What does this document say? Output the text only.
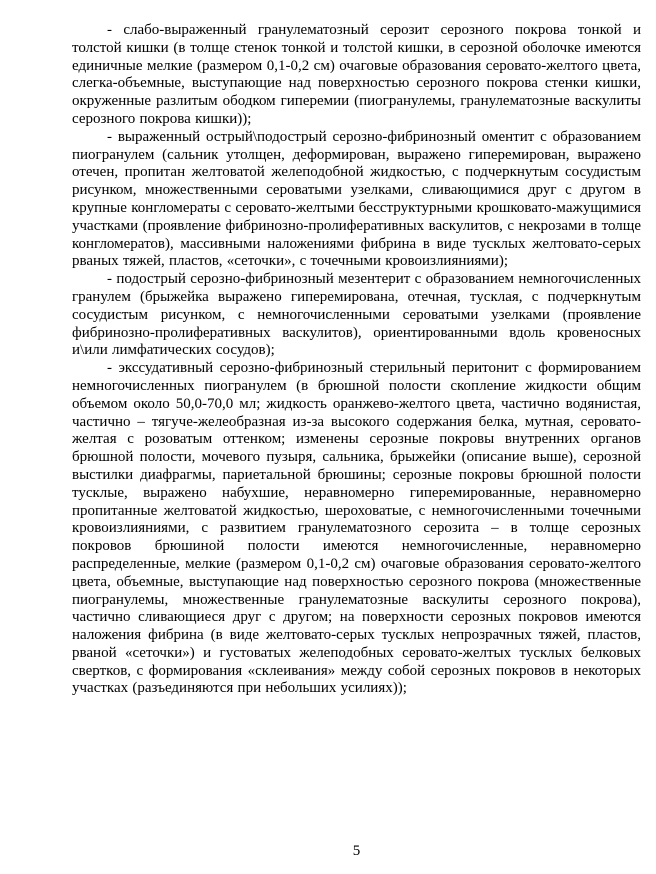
- слабо-выраженный гранулематозный серозит серозного покрова тонкой и толстой кишки (в толще стенок тонкой и толстой кишки, в серозной оболочке имеются единичные мелкие (размером 0,1-0,2 см) очаговые образования серовато-желтого цвета, слегка-объемные, выступающие над поверхностью серозного покрова стенки кишки, окруженные разлитым ободком гиперемии (пиогранулемы, гранулематозные васкулиты серозного покрова кишки));

- выраженный острый\подострый серозно-фибринозный оментит с образованием пиогранулем (сальник утолщен, деформирован, выражено гиперемирован, выражено отечен, пропитан желтоватой желеподобной жидкостью, с подчеркнутым сосудистым рисунком, множественными сероватыми узелками, сливающимися друг с другом в крупные конгломераты с серовато-желтыми бесструктурными крошковато-мажущимися участками (проявление фибринозно-пролиферативных васкулитов, с некрозами в толще конгломератов), массивными наложениями фибрина в виде тусклых желтовато-серых рваных тяжей, пластов, «сеточки», с точечными кровоизлияниями);

- подострый серозно-фибринозный мезентерит с образованием немногочисленных гранулем (брыжейка выражено гиперемирована, отечная, тусклая, с подчеркнутым сосудистым рисунком, с немногочисленными сероватыми узелками (проявление фибринозно-пролиферативных васкулитов), ориентированными вдоль кровеносных и\или лимфатических сосудов);

- экссудативный серозно-фибринозный стерильный перитонит с формированием немногочисленных пиогранулем (в брюшной полости скопление жидкости общим объемом около 50,0-70,0 мл; жидкость оранжево-желтого цвета, частично водянистая, частично – тягуче-желеобразная из-за высокого содержания белка, мутная, серовато-желтая с розоватым оттенком; изменены серозные покровы внутренних органов брюшной полости, мочевого пузыря, сальника, брыжейки (описание выше), серозной выстилки диафрагмы, париетальной брюшины; серозные покровы брюшной полости тусклые, выражено набухшие, неравномерно гиперемированные, неравномерно пропитанные желтоватой жидкостью, шероховатые, с немногочисленными точечными кровоизлияниями, с развитием гранулематозного серозита – в толще серозных покровов брюшиной полости имеются немногочисленные, неравномерно распределенные, мелкие (размером 0,1-0,2 см) очаговые образования серовато-желтого цвета, объемные, выступающие над поверхностью серозного покрова (множественные пиогранулемы, множественные гранулематозные васкулиты серозного покрова), частично сливающиеся друг с другом; на поверхности серозных покровов имеются наложения фибрина (в виде желтовато-серых тусклых непрозрачных тяжей, пластов, рваной «сеточки») и густоватых желеподобных серовато-желтых тусклых белковых свертков, с формирования «склеивания» между собой серозных покровов в некоторых участках (разъединяются при небольших усилиях));

5
